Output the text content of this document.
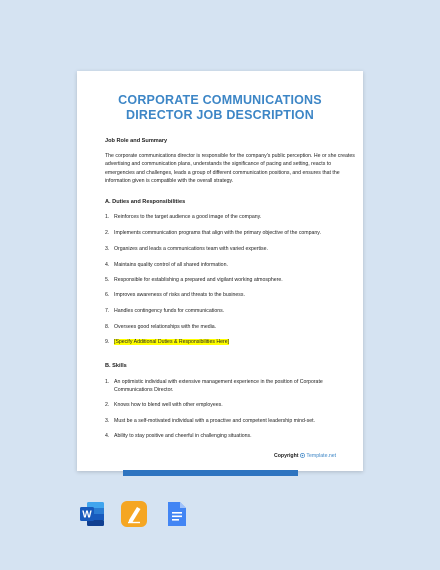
CORPORATE COMMUNICATIONS
DIRECTOR JOB DESCRIPTION
Job Role and Summary
The corporate communications director is responsible for the company's public perception. He or she creates advertising and communication plans, understands the significance of pacing and setting, reacts to emergencies and challenges, leads a group of different communication positions, and ensures that the information given is compatible with the overall strategy.
A. Duties and Responsibilities
1. Reinforces to the target audience a good image of the company.
2. Implements communication programs that align with the primary objective of the company.
3. Organizes and leads a communications team with varied expertise.
4. Maintains quality control of all shared information.
5. Responsible for establishing a prepared and vigilant working atmosphere.
6. Improves awareness of risks and threats to the business.
7. Handles contingency funds for communications.
8. Oversees good relationships with the media.
9. [Specify Additional Duties & Responsibilities Here]
B. Skills
1. An optimistic individual with extensive management experience in the position of Corporate
Communications Director.
2. Knows how to blend well with other employees.
3. Must be a self-motivated individual with a proactive and competent leadership mind-set.
4. Ability to stay positive and cheerful in challenging situations.
Copyright Template.net
W
